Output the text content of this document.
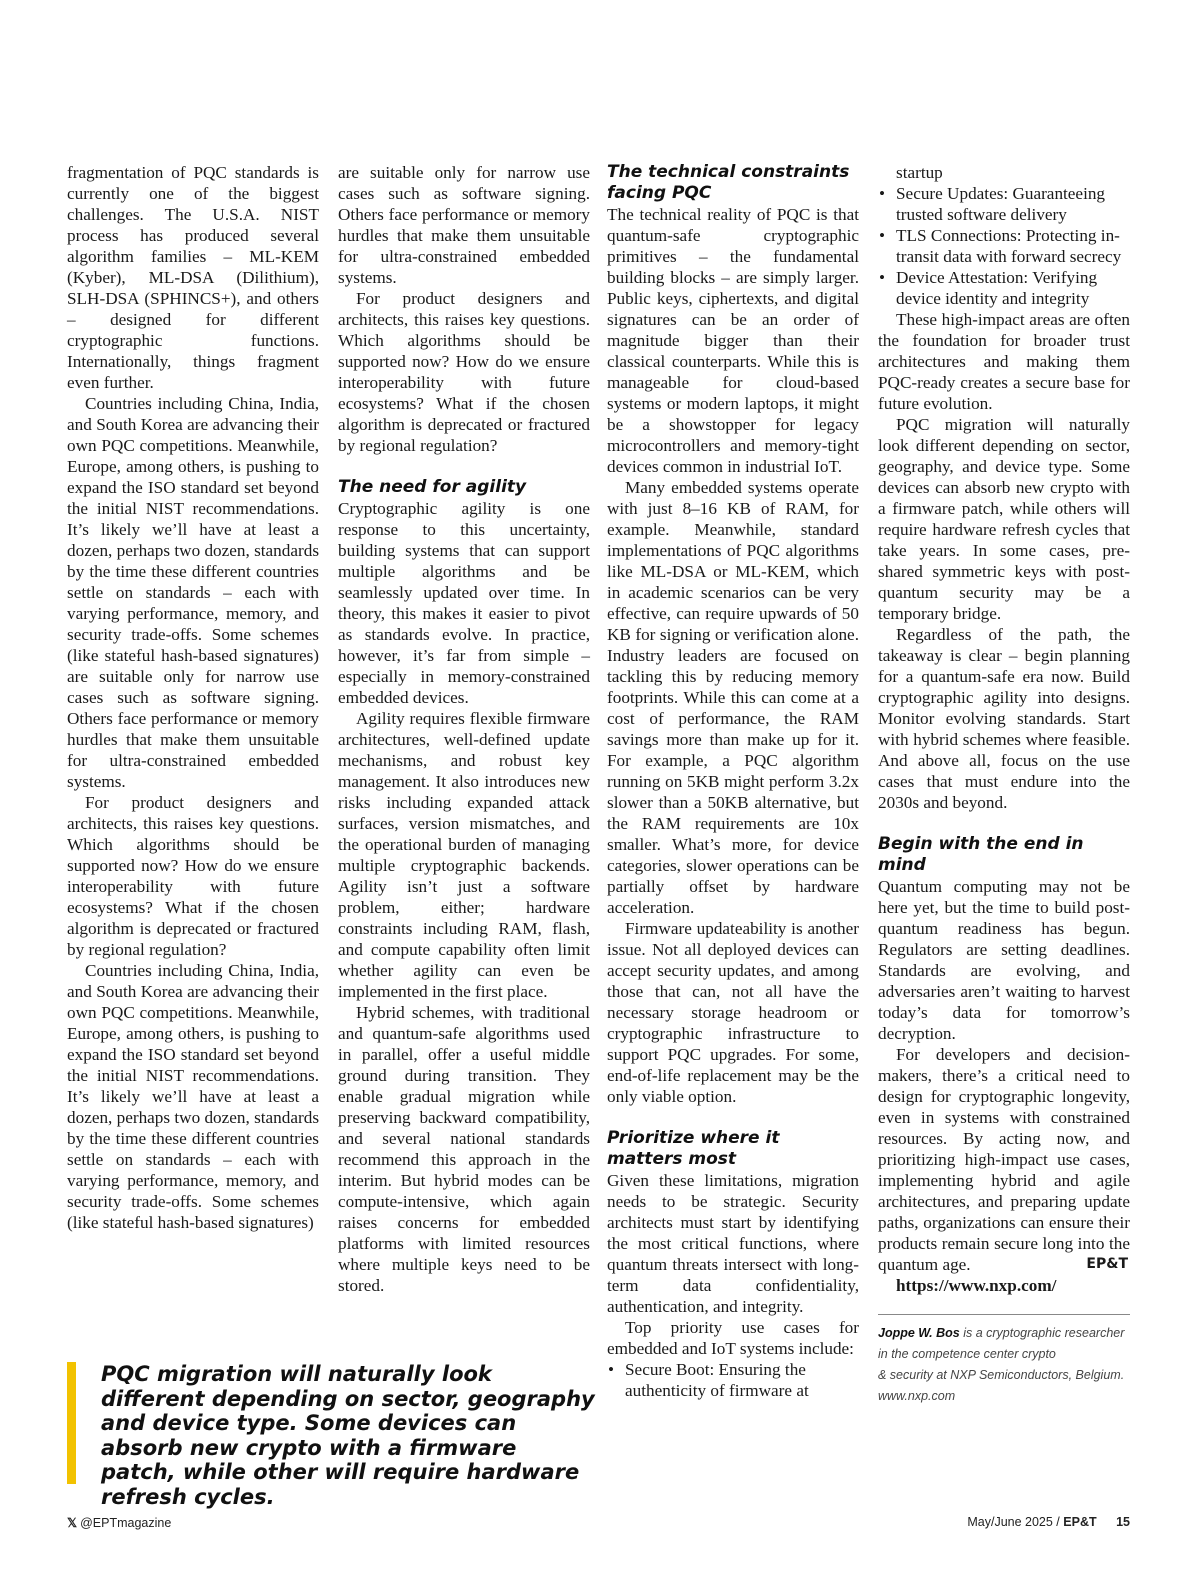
fragmentation of PQC standards is currently one of the biggest challenges. The U.S.A. NIST process has produced several algorithm families – ML-KEM (Kyber), ML-DSA (Dilithium), SLH-DSA (SPHINCS+), and others – designed for different cryptographic functions. Internationally, things fragment even further.

Countries including China, India, and South Korea are advancing their own PQC competitions. Meanwhile, Europe, among others, is pushing to expand the ISO standard set beyond the initial NIST recommendations. It’s likely we’ll have at least a dozen, perhaps two dozen, standards by the time these different countries settle on standards – each with varying performance, memory, and security trade-offs. Some schemes (like stateful hash-based signatures) are suitable only for narrow use cases such as software signing. Others face performance or memory hurdles that make them unsuitable for ultra-constrained embedded systems.

For product designers and architects, this raises key questions. Which algorithms should be supported now? How do we ensure interoperability with future ecosystems? What if the chosen algorithm is deprecated or fractured by regional regulation?

Countries including China, India, and South Korea are advancing their own PQC competitions. Meanwhile, Europe, among others, is pushing to expand the ISO standard set beyond the initial NIST recommendations. It’s likely we’ll have at least a dozen, perhaps two dozen, standards by the time these different countries settle on standards – each with varying performance, memory, and security trade-offs. Some schemes (like stateful hash-based signatures)

are suitable only for narrow use cases such as software signing. Others face performance or memory hurdles that make them unsuitable for ultra-constrained embedded systems.

For product designers and architects, this raises key questions. Which algorithms should be supported now? How do we ensure interoperability with future ecosystems? What if the chosen algorithm is deprecated or fractured by regional regulation?

The need for agility

Cryptographic agility is one response to this uncertainty, building systems that can support multiple algorithms and be seamlessly updated over time. In theory, this makes it easier to pivot as standards evolve. In practice, however, it’s far from simple – especially in memory-constrained embedded devices.

Agility requires flexible firmware architectures, well-defined update mechanisms, and robust key management. It also introduces new risks including expanded attack surfaces, version mismatches, and the operational burden of managing multiple cryptographic backends. Agility isn’t just a software problem, either; hardware constraints including RAM, flash, and compute capability often limit whether agility can even be implemented in the first place.

Hybrid schemes, with traditional and quantum-safe algorithms used in parallel, offer a useful middle ground during transition. They enable gradual migration while preserving backward compatibility, and several national standards recommend this approach in the interim. But hybrid modes can be compute-intensive, which again raises concerns for embedded platforms with limited resources where multiple keys need to be stored.

The technical constraints facing PQC

The technical reality of PQC is that quantum-safe cryptographic primitives – the fundamental building blocks – are simply larger. Public keys, ciphertexts, and digital signatures can be an order of magnitude bigger than their classical counterparts. While this is manageable for cloud-based systems or modern laptops, it might be a showstopper for legacy microcontrollers and memory-tight devices common in industrial IoT.

Many embedded systems operate with just 8–16 KB of RAM, for example. Meanwhile, standard implementations of PQC algorithms like ML-DSA or ML-KEM, which in academic scenarios can be very effective, can require upwards of 50 KB for signing or verification alone. Industry leaders are focused on tackling this by reducing memory footprints. While this can come at a cost of performance, the RAM savings more than make up for it. For example, a PQC algorithm running on 5KB might perform 3.2x slower than a 50KB alternative, but the RAM requirements are 10x smaller. What’s more, for device categories, slower operations can be partially offset by hardware acceleration.

Firmware updateability is another issue. Not all deployed devices can accept security updates, and among those that can, not all have the necessary storage headroom or cryptographic infrastructure to support PQC upgrades. For some, end-of-life replacement may be the only viable option.

Prioritize where it matters most

Given these limitations, migration needs to be strategic. Security architects must start by identifying the most critical functions, where quantum threats intersect with long-term data confidentiality, authentication, and integrity.

Top priority use cases for embedded and IoT systems include:

• Secure Boot: Ensuring the authenticity of firmware at

startup

• Secure Updates: Guaranteeing trusted software delivery
• TLS Connections: Protecting in-transit data with forward secrecy
• Device Attestation: Verifying device identity and integrity

These high-impact areas are often the foundation for broader trust architectures and making them PQC-ready creates a secure base for future evolution.

PQC migration will naturally look different depending on sector, geography, and device type. Some devices can absorb new crypto with a firmware patch, while others will require hardware refresh cycles that take years. In some cases, pre-shared symmetric keys with post-quantum security may be a temporary bridge.

Regardless of the path, the takeaway is clear – begin planning for a quantum-safe era now. Build cryptographic agility into designs. Monitor evolving standards. Start with hybrid schemes where feasible. And above all, focus on the use cases that must endure into the 2030s and beyond.

Begin with the end in mind

Quantum computing may not be here yet, but the time to build post-quantum readiness has begun. Regulators are setting deadlines. Standards are evolving, and adversaries aren’t waiting to harvest today’s data for tomorrow’s decryption.

For developers and decision-makers, there’s a critical need to design for cryptographic longevity, even in systems with constrained resources. By acting now, and prioritizing high-impact use cases, implementing hybrid and agile architectures, and preparing update paths, organizations can ensure their products remain secure long into the quantum age.	EP&T

https://www.nxp.com/

Joppe W. Bos is a cryptographic researcher
in the competence center crypto
& security at NXP Semiconductors, Belgium.
www.nxp.com
PQC migration will naturally look different depending on sector, geography and device type. Some devices can absorb new crypto with a firmware patch, while other will require hardware refresh cycles.
𝕏 @EPTmagazine	May/June 2025 / EP&T 15
